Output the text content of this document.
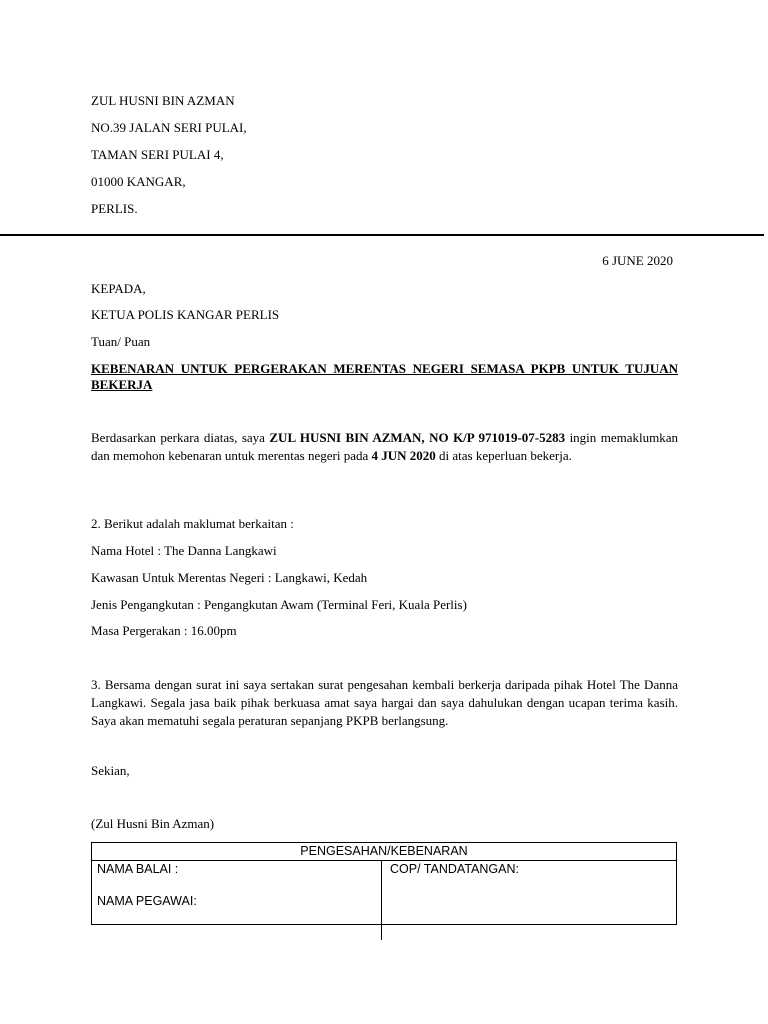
ZUL HUSNI BIN AZMAN
NO.39 JALAN SERI PULAI,
TAMAN SERI PULAI 4,
01000 KANGAR,
PERLIS.
6 JUNE 2020
KEPADA,
KETUA POLIS KANGAR PERLIS
Tuan/ Puan
KEBENARAN UNTUK PERGERAKAN MERENTAS NEGERI SEMASA PKPB UNTUK TUJUAN BEKERJA
Berdasarkan perkara diatas, saya ZUL HUSNI BIN AZMAN, NO K/P 971019-07-5283 ingin memaklumkan dan memohon kebenaran untuk merentas negeri pada 4 JUN 2020 di atas keperluan bekerja.
2. Berikut adalah maklumat berkaitan :
Nama Hotel : The Danna Langkawi
Kawasan Untuk Merentas Negeri : Langkawi, Kedah
Jenis Pengangkutan : Pengangkutan Awam (Terminal Feri, Kuala Perlis)
Masa Pergerakan : 16.00pm
3. Bersama dengan surat ini saya sertakan surat pengesahan kembali berkerja daripada pihak Hotel The Danna Langkawi. Segala jasa baik pihak berkuasa amat saya hargai dan saya dahulukan dengan ucapan terima kasih. Saya akan mematuhi segala peraturan sepanjang PKPB berlangsung.
Sekian,
(Zul Husni Bin Azman)
PENGESAHAN/KEBENARAN
NAMA BALAI :
NAMA PEGAWAI:
COP/ TANDATANGAN:
